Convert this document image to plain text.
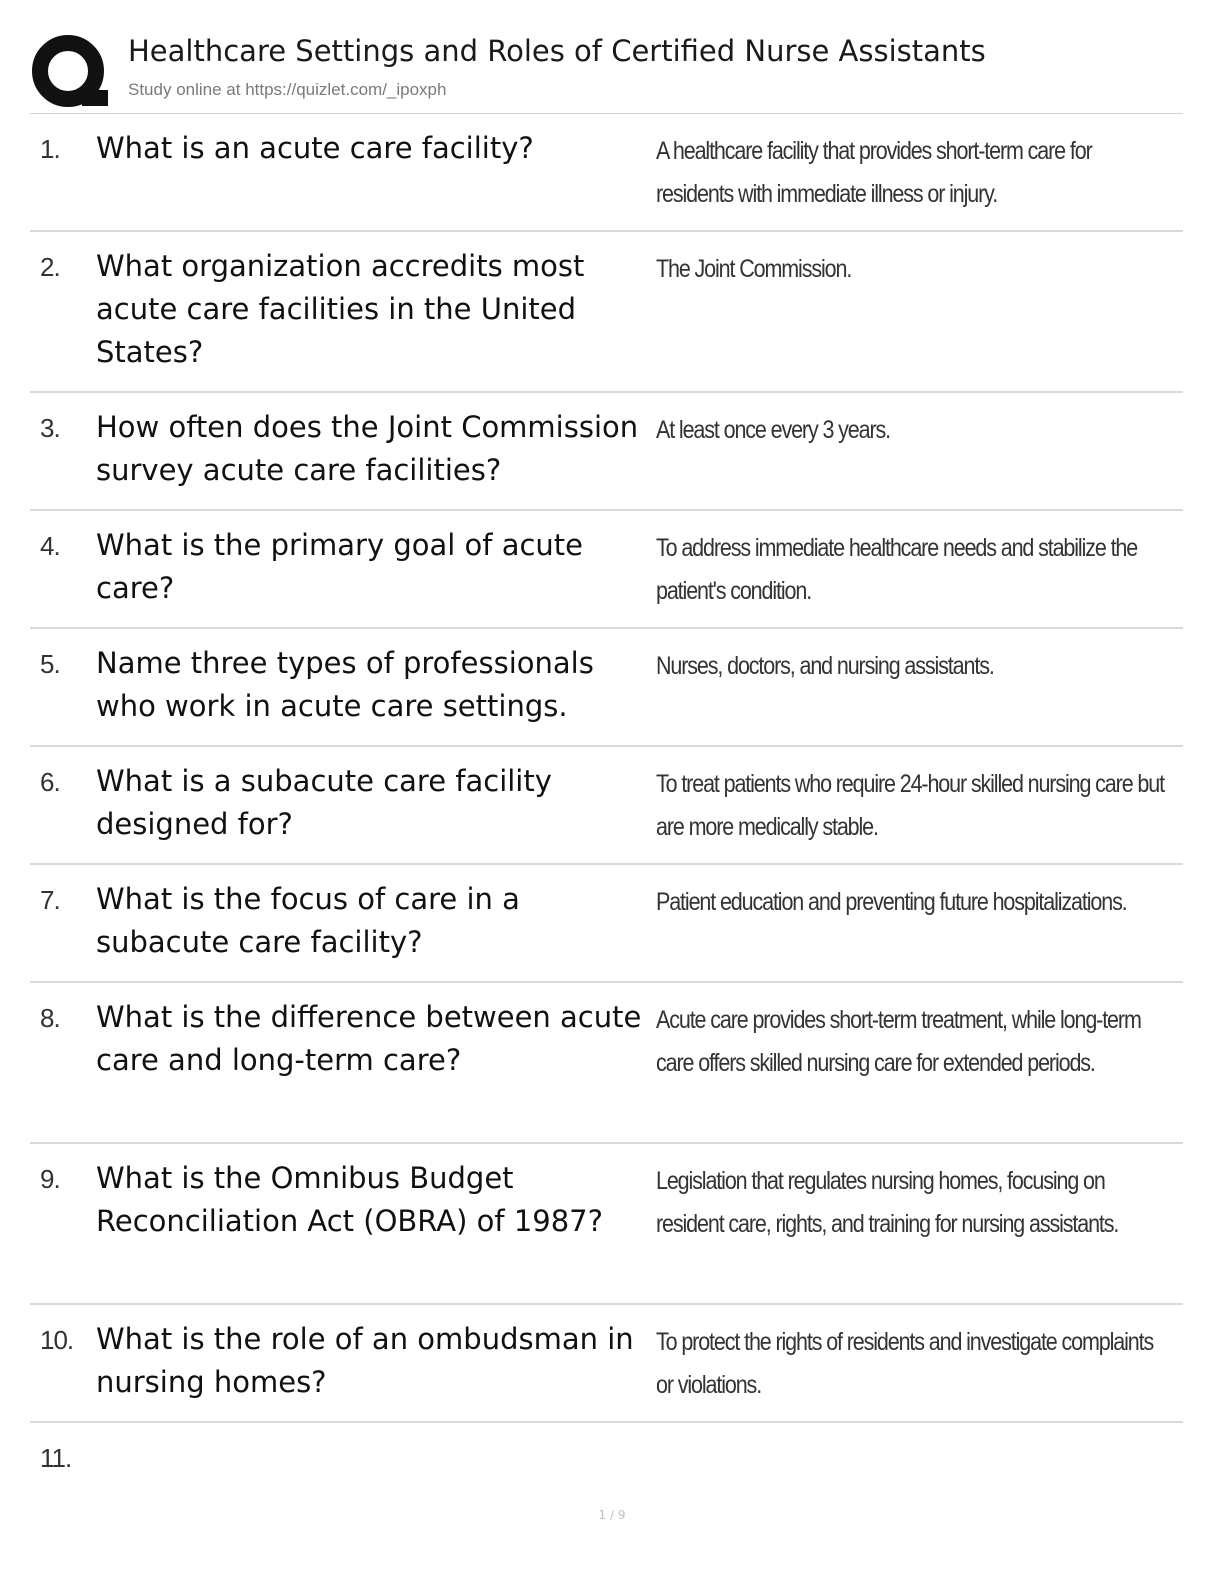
Healthcare Settings and Roles of Certified Nurse Assistants
Study online at https://quizlet.com/_ipoxph
1. What is an acute care facility?	A healthcare facility that provides short-term care for residents with immediate illness or injury.
2. What organization accredits most acute care facilities in the United States?
The Joint Commission.
3. How often does the Joint Commission survey acute care facilities?
At least once every 3 years.
4. What is the primary goal of acute care?
To address immediate healthcare needs and stabilize the patient's condition.
5. Name three types of professionals who work in acute care settings.
Nurses, doctors, and nursing assistants.
6. What is a subacute care facility designed for?
To treat patients who require 24-hour skilled nursing care but are more medically stable.
7. What is the focus of care in a subacute care facility?
Patient education and preventing future hospitalizations.
8. What is the difference between acute care and long-term care?
Acute care provides short-term treatment, while long-term care offers skilled nursing care for extended periods.
9. What is the Omnibus Budget Reconciliation Act (OBRA) of 1987?
Legislation that regulates nursing homes, focusing on resident care, rights, and training for nursing assistants.
10. What is the role of an ombudsman in nursing homes?
To protect the rights of residents and investigate complaints or violations.
11.
1 / 9
